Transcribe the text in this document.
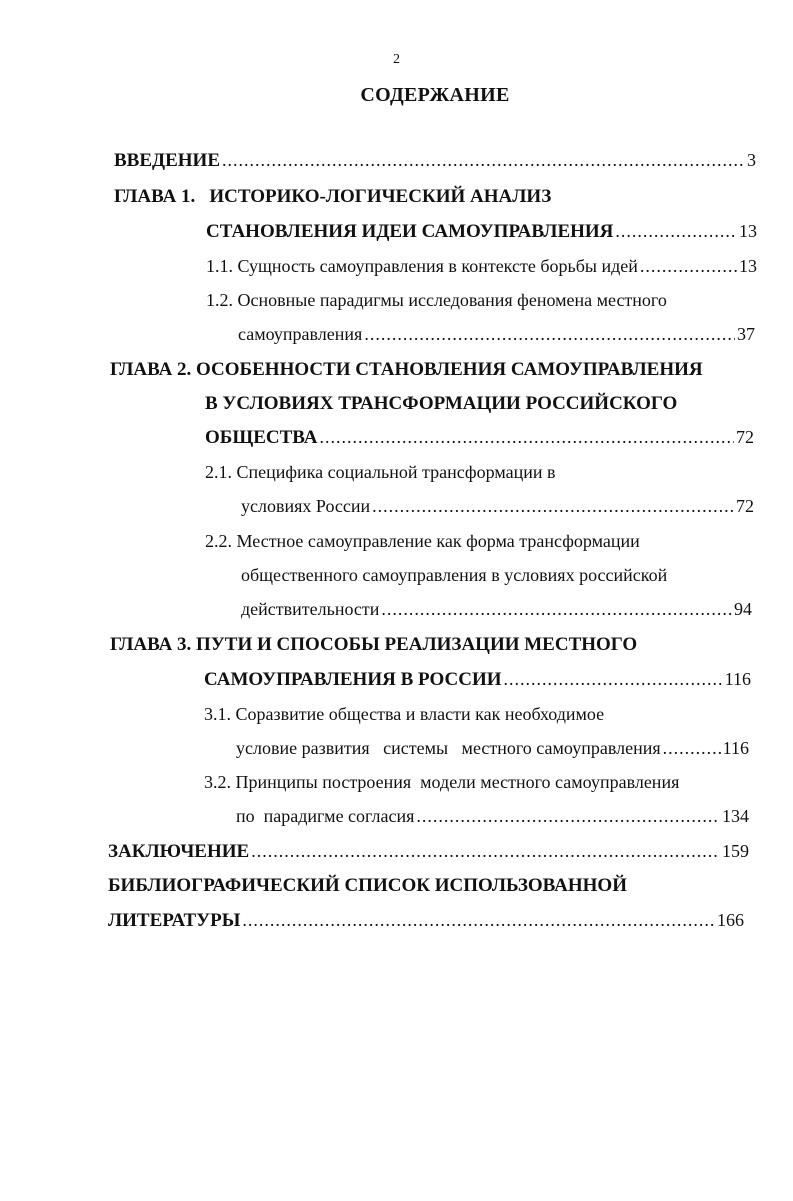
2
СОДЕРЖАНИЕ
ВВЕДЕНИЕ .....	3
ГЛАВА 1. ИСТОРИКО-ЛОГИЧЕСКИЙ АНАЛИЗ
СТАНОВЛЕНИЯ ИДЕИ САМОУПРАВЛЕНИЯ .....	13
1.1. Сущность самоуправления в контексте борьбы идей .....	13
1.2. Основные парадигмы исследования феномена местного
самоуправления .....	37
ГЛАВА 2. ОСОБЕННОСТИ СТАНОВЛЕНИЯ САМОУПРАВЛЕНИЯ
В УСЛОВИЯХ ТРАНСФОРМАЦИИ РОССИЙСКОГО
ОБЩЕСТВА .....	72
2.1. Специфика социальной трансформации в
условиях России .....	72
2.2. Местное самоуправление как форма трансформации
общественного самоуправления в условиях российской
действительности .....	94
ГЛАВА 3. ПУТИ И СПОСОБЫ РЕАЛИЗАЦИИ МЕСТНОГО
САМОУПРАВЛЕНИЯ В РОССИИ .....	116
3.1. Соразвитие общества и власти как необходимое
условие развития   системы   местного самоуправления .....	116
3.2. Принципы построения  модели местного самоуправления
по  парадигме согласия .....	134
ЗАКЛЮЧЕНИЕ .....	159
БИБЛИОГРАФИЧЕСКИЙ СПИСОК ИСПОЛЬЗОВАННОЙ
ЛИТЕРАТУРЫ .....	166
